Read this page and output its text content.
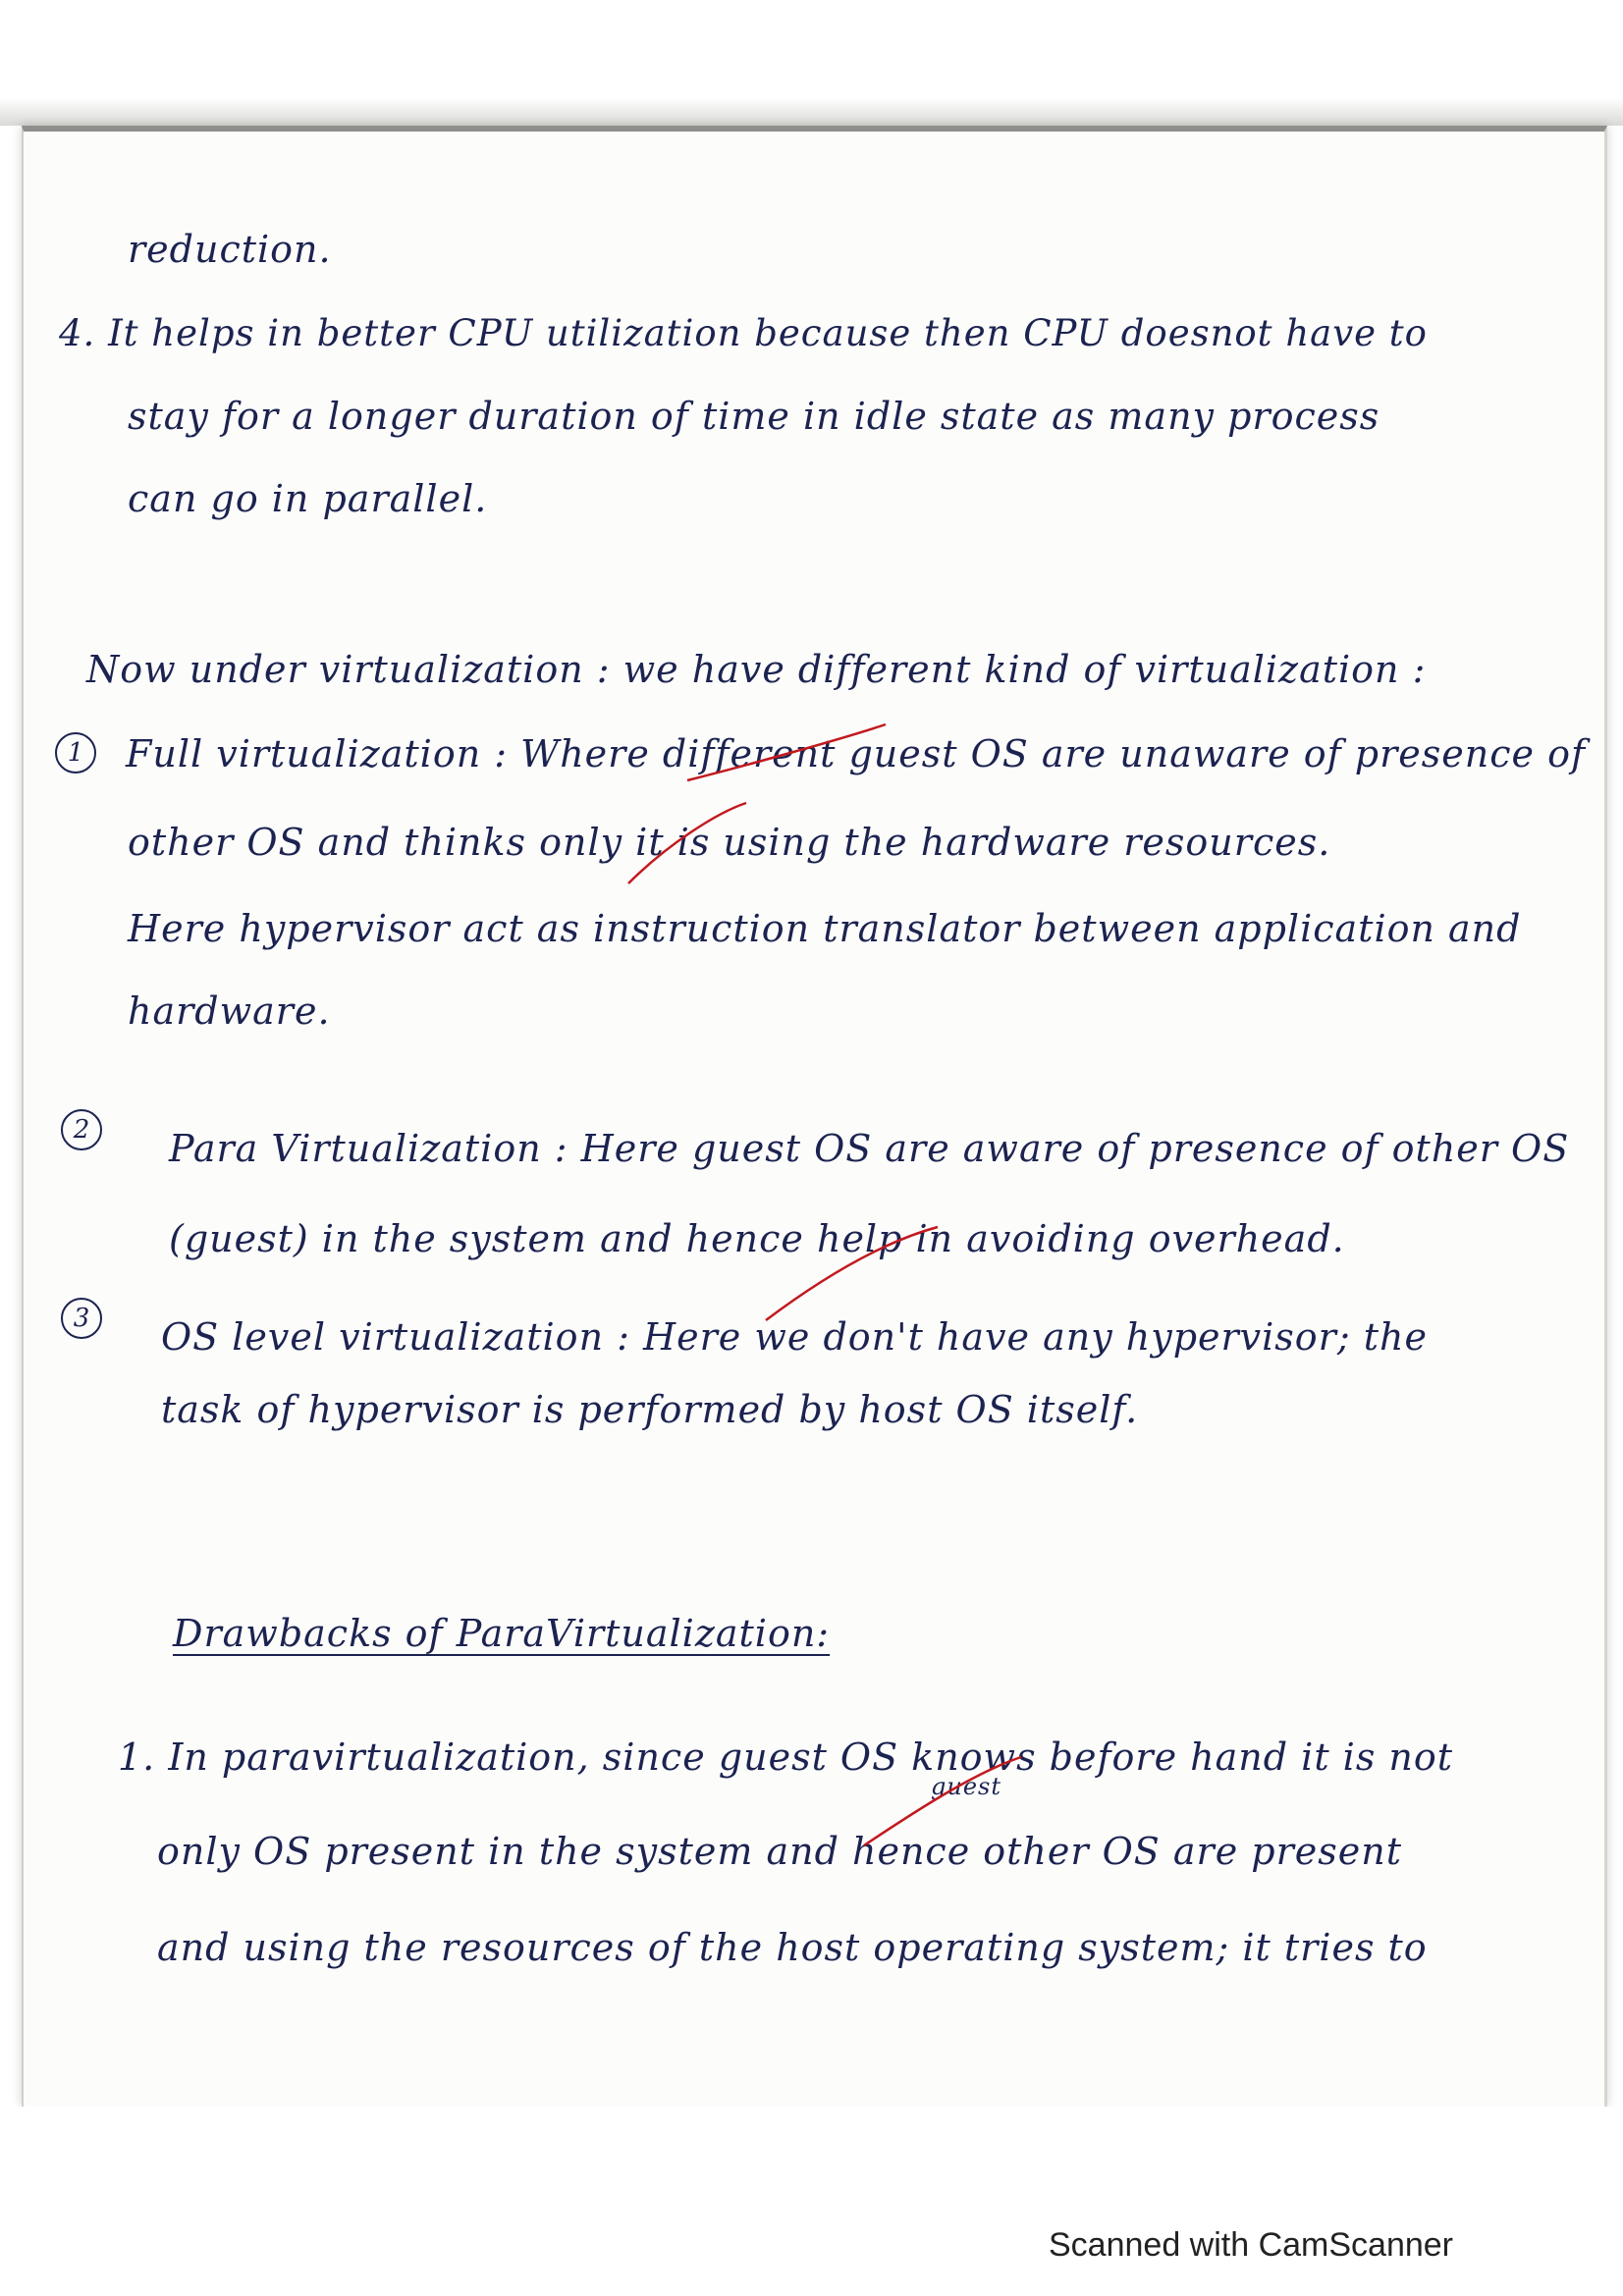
reduction.
4. It helps in better CPU utilization because then CPU doesnot have to
stay for a longer duration of time in idle state as many process
can go in parallel.
Now under virtualization : we have different kind of virtualization :
1	Full virtualization : Where different guest OS are unaware of presence of
other OS and thinks only it is using the hardware resources.
Here hypervisor act as instruction translator between application and
hardware.
2	Para Virtualization : Here guest OS are aware of presence of other OS
(guest) in the system and hence help in avoiding overhead.
3	OS level virtualization : Here we don't have any hypervisor; the
task of hypervisor is performed by host OS itself.
Drawbacks of ParaVirtualization:
1. In paravirtualization, since guest OS knows before hand it is not
only OS present in the system and hence other OS are present
guest
and using the resources of the host operating system; it tries to
Scanned with CamScanner
